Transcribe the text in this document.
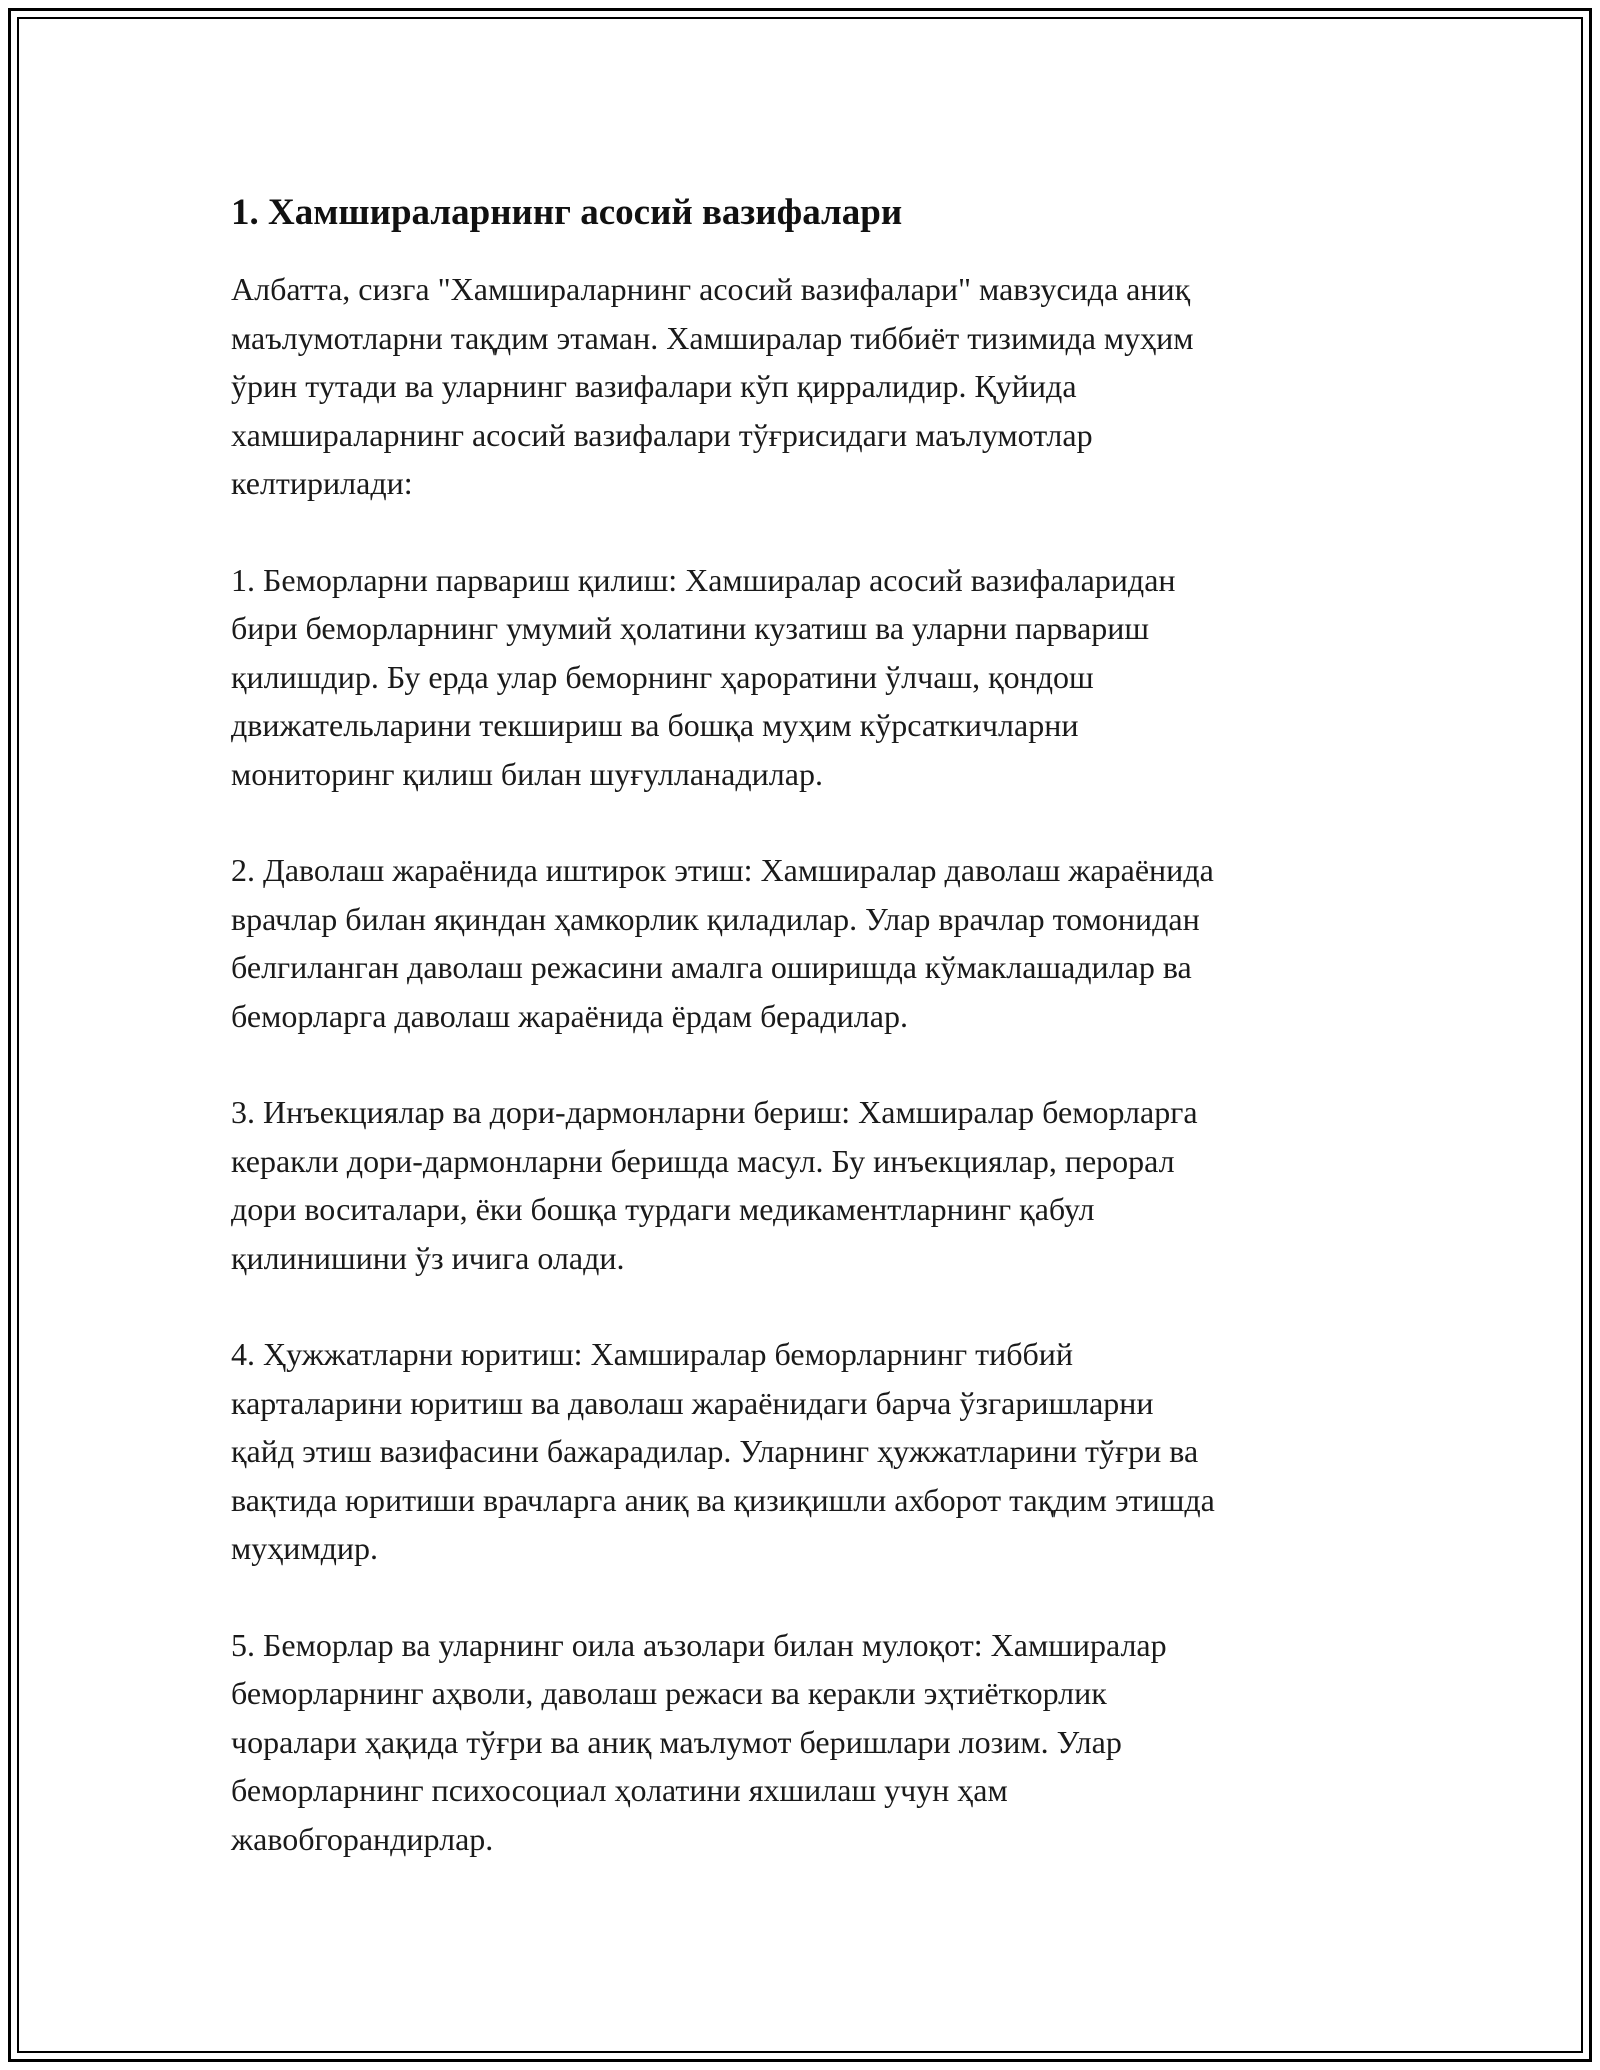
1. Хамшираларнинг асосий вазифалари

Албатта, сизга "Хамшираларнинг асосий вазифалари" мавзусида аниқ
маълумотларни тақдим этаман. Хамширалар тиббиёт тизимида муҳим
ўрин тутади ва уларнинг вазифалари кўп қирралидир. Қуйида
хамшираларнинг асосий вазифалари тўғрисидаги маълумотлар
келтирилади:

1. Беморларни парвариш қилиш: Хамширалар асосий вазифаларидан
бири беморларнинг умумий ҳолатини кузатиш ва уларни парвариш
қилишдир. Бу ерда улар беморнинг ҳароратини ўлчаш, қондош
движательларини текшириш ва бошқа муҳим кўрсаткичларни
мониторинг қилиш билан шуғулланадилар.

2. Даволаш жараёнида иштирок этиш: Хамширалар даволаш жараёнида
врачлар билан яқиндан ҳамкорлик қиладилар. Улар врачлар томонидан
белгиланган даволаш режасини амалга оширишда кўмаклашадилар ва
беморларга даволаш жараёнида ёрдам берадилар.

3. Инъекциялар ва дори-дармонларни бериш: Хамширалар беморларга
керакли дори-дармонларни беришда масул. Бу инъекциялар, перорал
дори воситалари, ёки бошқа турдаги медикаментларнинг қабул
қилинишини ўз ичига олади.

4. Ҳужжатларни юритиш: Хамширалар беморларнинг тиббий
карталарини юритиш ва даволаш жараёнидаги барча ўзгаришларни
қайд этиш вазифасини бажарадилар. Уларнинг ҳужжатларини тўғри ва
вақтида юритиши врачларга аниқ ва қизиқишли ахборот тақдим этишда
муҳимдир.

5. Беморлар ва уларнинг оила аъзолари билан мулоқот: Хамширалар
беморларнинг аҳволи, даволаш режаси ва керакли эҳтиёткорлик
чоралари ҳақида тўғри ва аниқ маълумот беришлари лозим. Улар
беморларнинг психосоциал ҳолатини яхшилаш учун ҳам
жавобгорандирлар.
